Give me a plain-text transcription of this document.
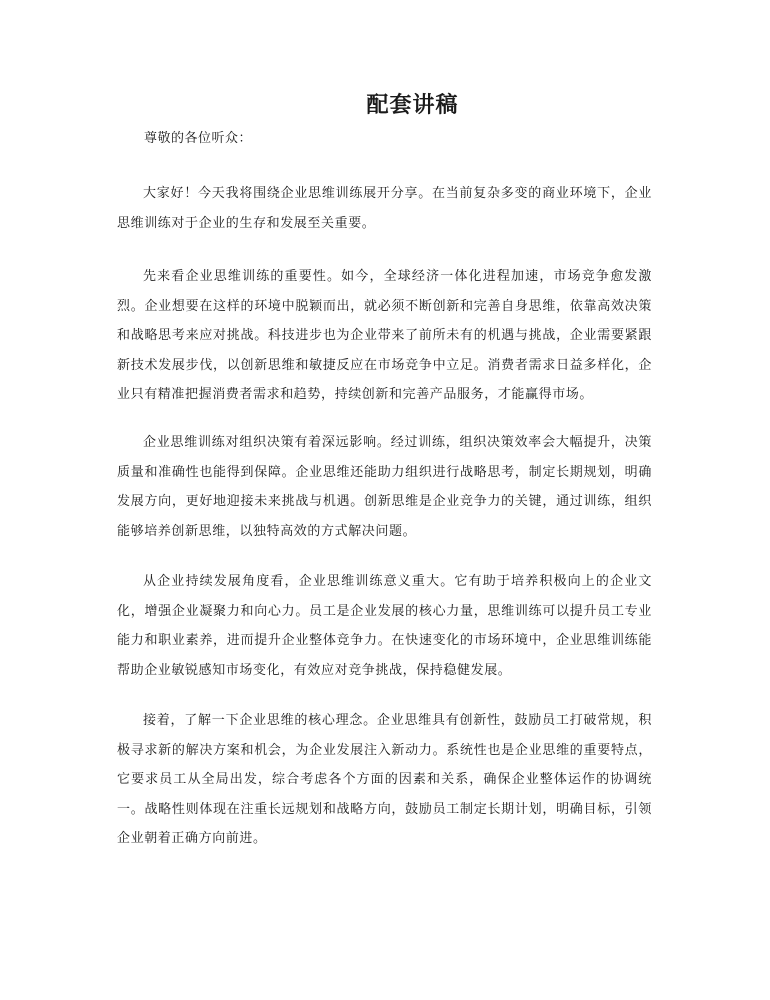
配套讲稿

尊敬的各位听众：

大家好！今天我将围绕企业思维训练展开分享。在当前复杂多变的商业环境下，企业思维训练对于企业的生存和发展至关重要。

先来看企业思维训练的重要性。如今，全球经济一体化进程加速，市场竞争愈发激烈。企业想要在这样的环境中脱颖而出，就必须不断创新和完善自身思维，依靠高效决策和战略思考来应对挑战。科技进步也为企业带来了前所未有的机遇与挑战，企业需要紧跟新技术发展步伐，以创新思维和敏捷反应在市场竞争中立足。消费者需求日益多样化，企业只有精准把握消费者需求和趋势，持续创新和完善产品服务，才能赢得市场。

企业思维训练对组织决策有着深远影响。经过训练，组织决策效率会大幅提升，决策质量和准确性也能得到保障。企业思维还能助力组织进行战略思考，制定长期规划，明确发展方向，更好地迎接未来挑战与机遇。创新思维是企业竞争力的关键，通过训练，组织能够培养创新思维，以独特高效的方式解决问题。

从企业持续发展角度看，企业思维训练意义重大。它有助于培养积极向上的企业文化，增强企业凝聚力和向心力。员工是企业发展的核心力量，思维训练可以提升员工专业能力和职业素养，进而提升企业整体竞争力。在快速变化的市场环境中，企业思维训练能帮助企业敏锐感知市场变化，有效应对竞争挑战，保持稳健发展。

接着，了解一下企业思维的核心理念。企业思维具有创新性，鼓励员工打破常规，积极寻求新的解决方案和机会，为企业发展注入新动力。系统性也是企业思维的重要特点，它要求员工从全局出发，综合考虑各个方面的因素和关系，确保企业整体运作的协调统一。战略性则体现在注重长远规划和战略方向，鼓励员工制定长期计划，明确目标，引领企业朝着正确方向前进。
